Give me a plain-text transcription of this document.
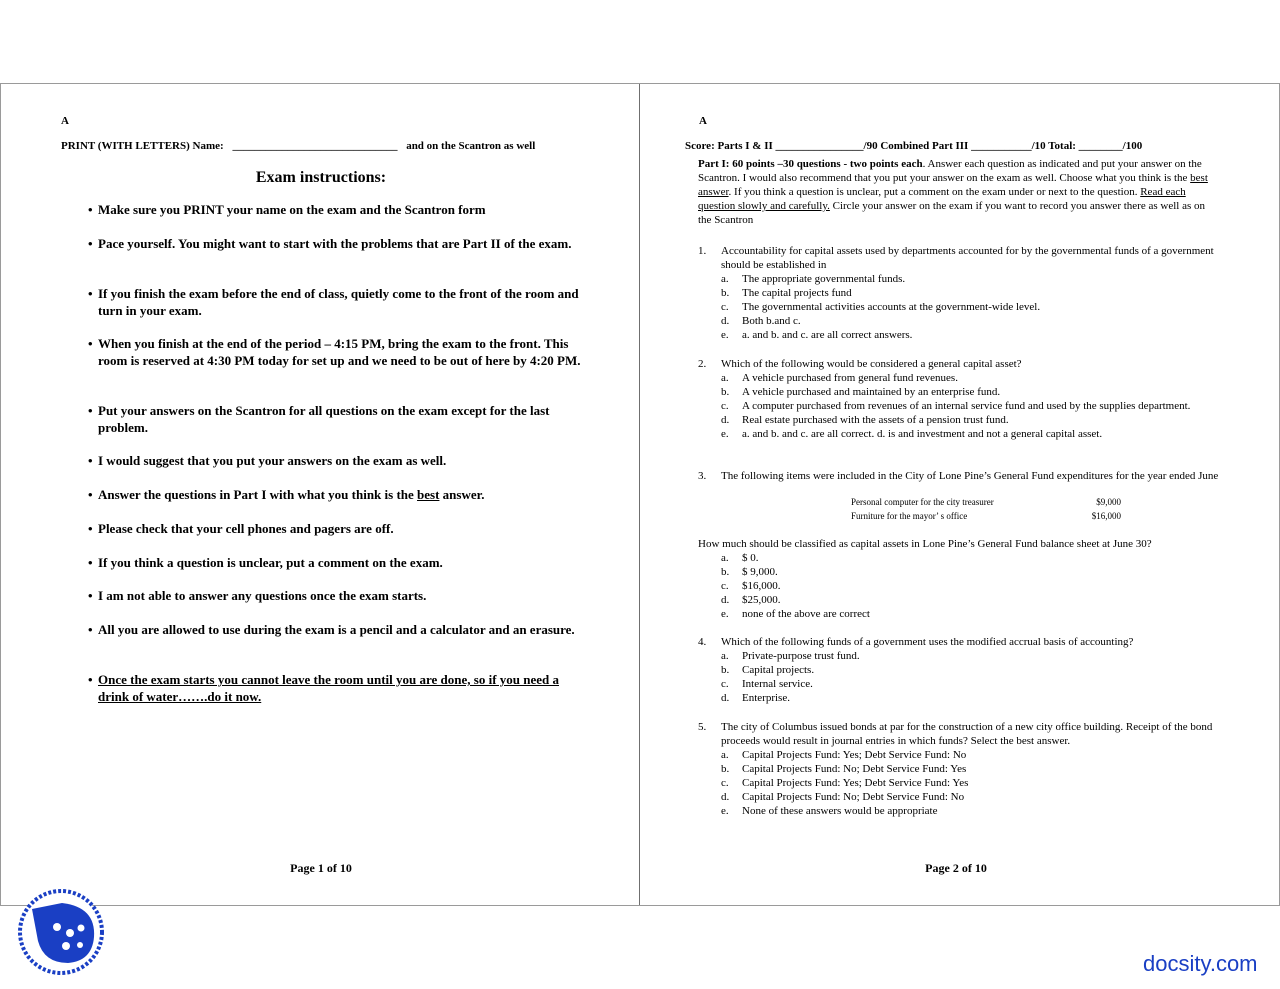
A
PRINT (WITH LETTERS) Name: ______________________________ and on the Scantron as well
Exam instructions:
• Make sure you PRINT your name on the exam and the Scantron form
• Pace yourself. You might want to start with the problems that are Part II of the exam.
• If you finish the exam before the end of class, quietly come to the front of the room and turn in your exam.
• When you finish at the end of the period – 4:15 PM, bring the exam to the front. This room is reserved at 4:30 PM today for set up and we need to be out of here by 4:20 PM.
• Put your answers on the Scantron for all questions on the exam except for the last problem.
• I would suggest that you put your answers on the exam as well.
• Answer the questions in Part I with what you think is the best answer.
• Please check that your cell phones and pagers are off.
• If you think a question is unclear, put a comment on the exam.
• I am not able to answer any questions once the exam starts.
• All you are allowed to use during the exam is a pencil and a calculator and an erasure.
• Once the exam starts you cannot leave the room until you are done, so if you need a drink of water…….do it now.
Page 1 of 10
A
Score: Parts I & II ________________/90 Combined Part III ___________/10 Total: ________/100
Part I: 60 points –30 questions - two points each. Answer each question as indicated and put your answer on the Scantron. I would also recommend that you put your answer on the exam as well. Choose what you think is the best answer. If you think a question is unclear, put a comment on the exam under or next to the question. Read each question slowly and carefully. Circle your answer on the exam if you want to record you answer there as well as on the Scantron
1.	Accountability for capital assets used by departments accounted for by the governmental funds of a government should be established in
a.	The appropriate governmental funds.
b.	The capital projects fund
c.	The governmental activities accounts at the government-wide level.
d.	Both b.and c.
e.	a. and b. and c. are all correct answers.
2.	Which of the following would be considered a general capital asset?
a.	A vehicle purchased from general fund revenues.
b.	A vehicle purchased and maintained by an enterprise fund.
c.	A computer purchased from revenues of an internal service fund and used by the supplies department.
d.	Real estate purchased with the assets of a pension trust fund.
e.	a. and b. and c. are all correct. d. is and investment and not a general capital asset.
3.	The following items were included in the City of Lone Pine’s General Fund expenditures for the year ended June
Personal computer for the city treasurer	$9,000
Furniture for the mayor’ s office	$16,000
How much should be classified as capital assets in Lone Pine’s General Fund balance sheet at June 30?
a.	$ 0.
b.	$ 9,000.
c.	$16,000.
d.	$25,000.
e.	none of the above are correct
4.	Which of the following funds of a government uses the modified accrual basis of accounting?
a.	Private-purpose trust fund.
b.	Capital projects.
c.	Internal service.
d.	Enterprise.
5.	The city of Columbus issued bonds at par for the construction of a new city office building. Receipt of the bond proceeds would result in journal entries in which funds? Select the best answer.
a.	Capital Projects Fund: Yes; Debt Service Fund: No
b.	Capital Projects Fund: No; Debt Service Fund: Yes
c.	Capital Projects Fund: Yes; Debt Service Fund: Yes
d.	Capital Projects Fund: No; Debt Service Fund: No
e.	None of these answers would be appropriate
Page 2 of 10
docsity.com
